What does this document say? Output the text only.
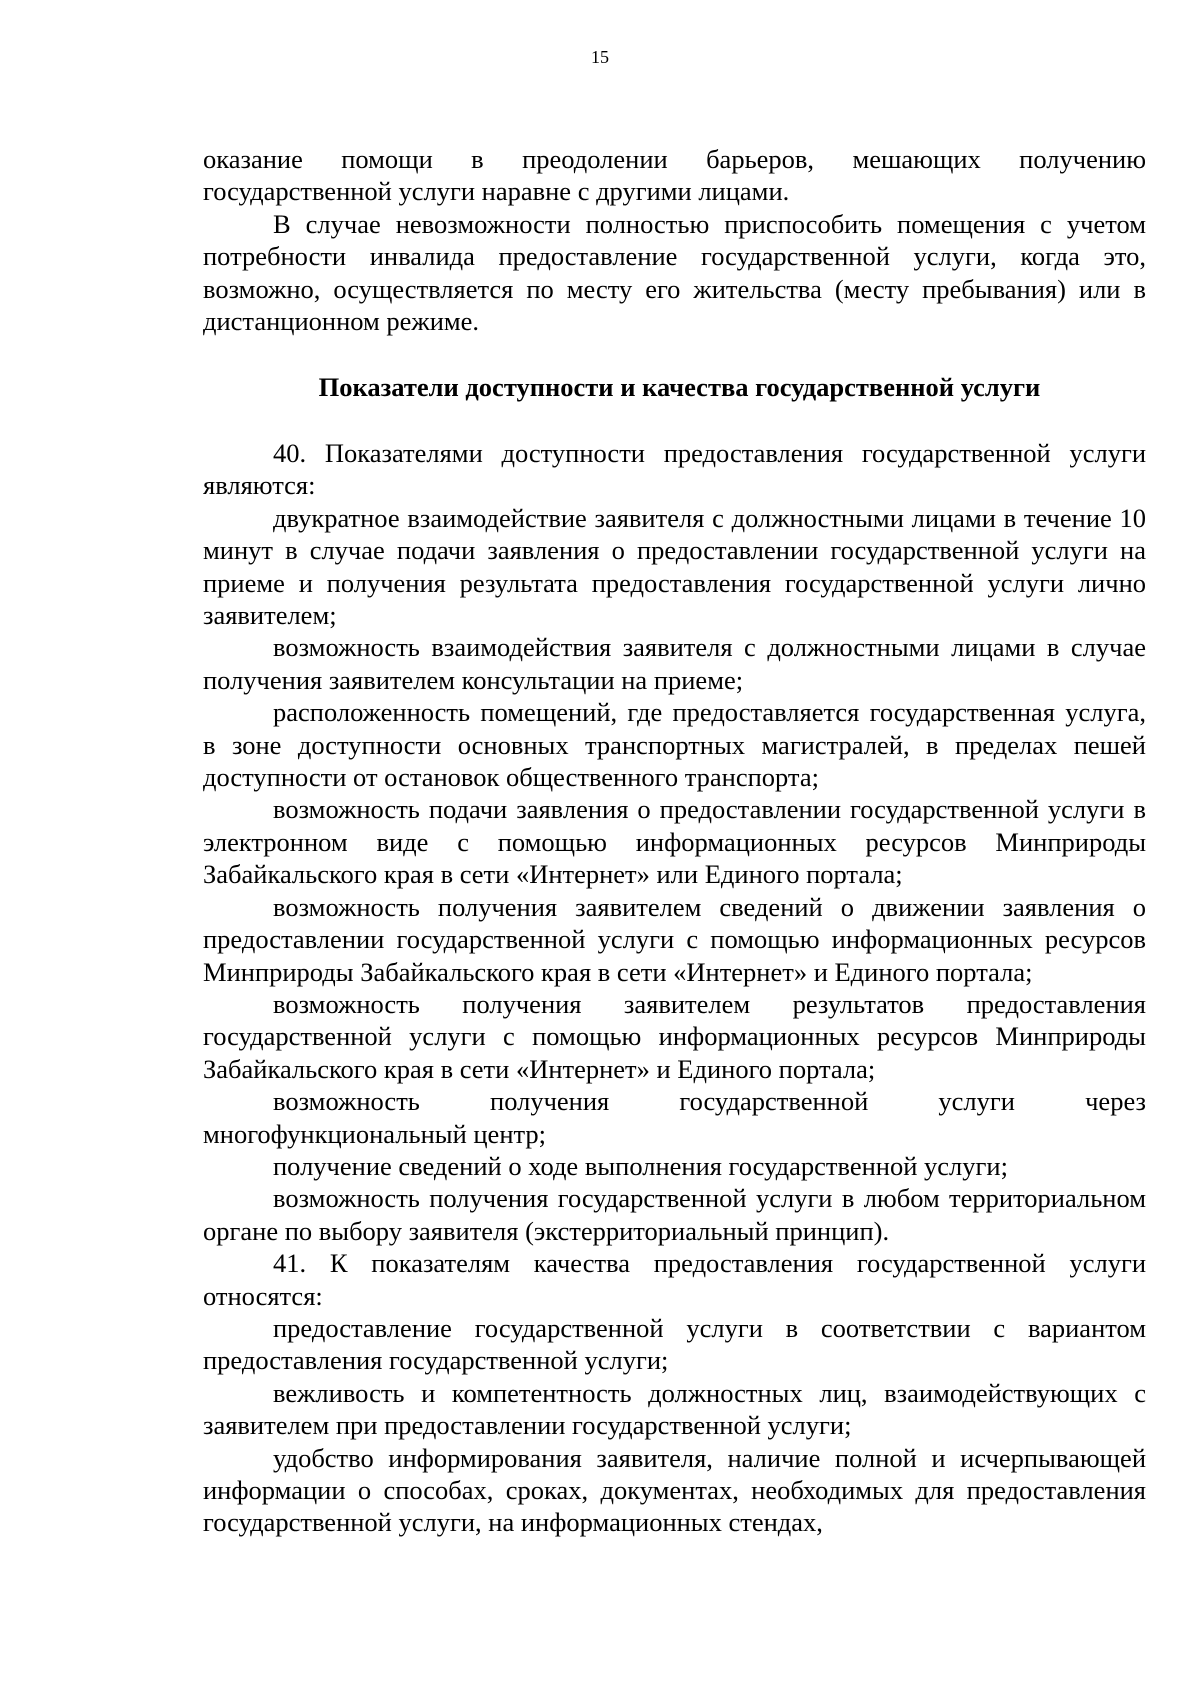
15

оказание помощи в преодолении барьеров, мешающих получению государственной услуги наравне с другими лицами.

В случае невозможности полностью приспособить помещения с учетом потребности инвалида предоставление государственной услуги, когда это, возможно, осуществляется по месту его жительства (месту пребывания) или в дистанционном режиме.

Показатели доступности и качества государственной услуги

40. Показателями доступности предоставления государственной услуги являются:

двукратное взаимодействие заявителя с должностными лицами в течение 10 минут в случае подачи заявления о предоставлении государственной услуги на приеме и получения результата предоставления государственной услуги лично заявителем;

возможность взаимодействия заявителя с должностными лицами в случае получения заявителем консультации на приеме;

расположенность помещений, где предоставляется государственная услуга, в зоне доступности основных транспортных магистралей, в пределах пешей доступности от остановок общественного транспорта;

возможность подачи заявления о предоставлении государственной услуги в электронном виде с помощью информационных ресурсов Минприроды Забайкальского края в сети «Интернет» или Единого портала;

возможность получения заявителем сведений о движении заявления о предоставлении государственной услуги с помощью информационных ресурсов Минприроды Забайкальского края в сети «Интернет» и Единого портала;

возможность получения заявителем результатов предоставления государственной услуги с помощью информационных ресурсов Минприроды Забайкальского края в сети «Интернет» и Единого портала;

возможность получения государственной услуги через многофункциональный центр;

получение сведений о ходе выполнения государственной услуги;

возможность получения государственной услуги в любом территориальном органе по выбору заявителя (экстерриториальный принцип).

41. К показателям качества предоставления государственной услуги относятся:

предоставление государственной услуги в соответствии с вариантом предоставления государственной услуги;

вежливость и компетентность должностных лиц, взаимодействующих с заявителем при предоставлении государственной услуги;

удобство информирования заявителя, наличие полной и исчерпывающей информации о способах, сроках, документах, необходимых для предоставления государственной услуги, на информационных стендах,
